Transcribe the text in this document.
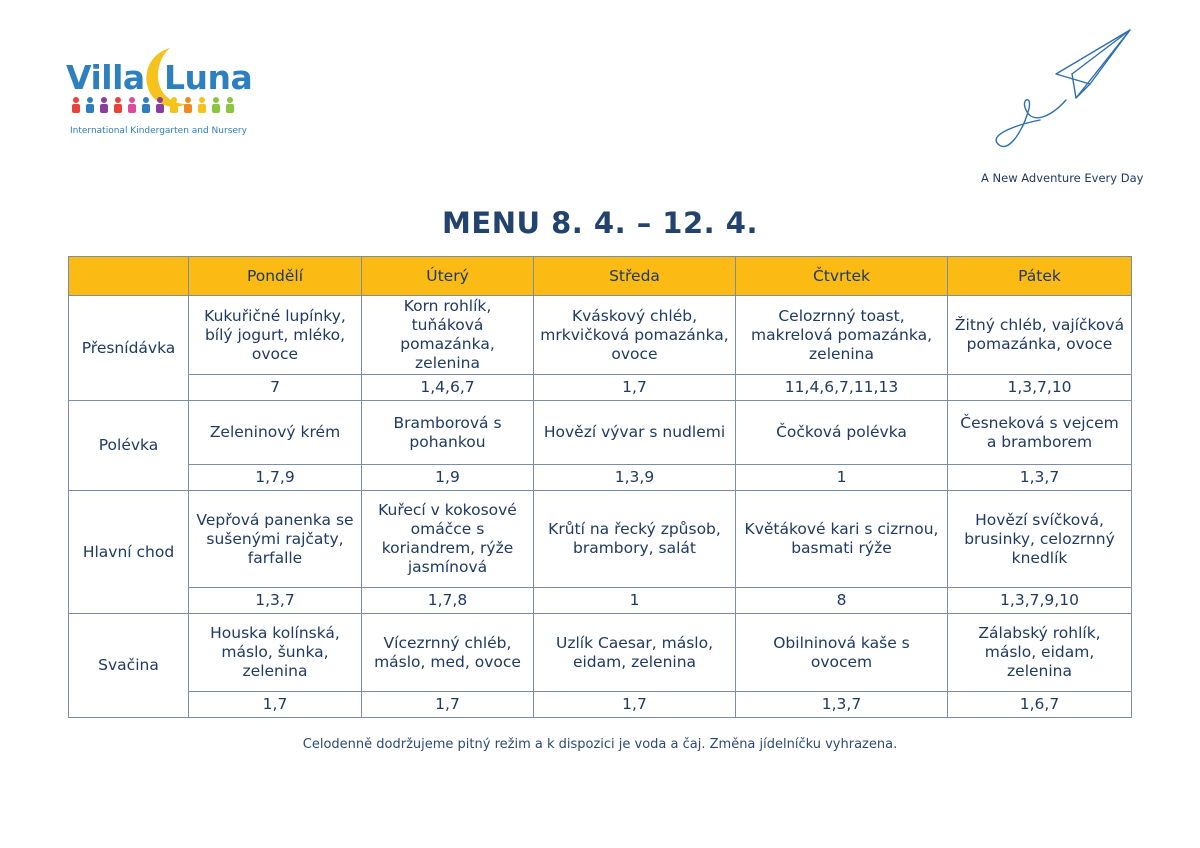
Villa Luna
International Kindergarten and Nursery
A New Adventure Every Day
MENU 8. 4. – 12. 4.
	Pondělí	Úterý	Středa	Čtvrtek	Pátek
Přesnídávka	Kukuřičné lupínky, bílý jogurt, mléko, ovoce	Korn rohlík, tuňáková pomazánka, zelenina	Kváskový chléb, mrkvičková pomazánka, ovoce	Celozrnný toast, makrelová pomazánka, zelenina	Žitný chléb, vajíčková pomazánka, ovoce
	7	1,4,6,7	1,7	11,4,6,7,11,13	1,3,7,10
Polévka	Zeleninový krém	Bramborová s pohankou	Hovězí vývar s nudlemi	Čočková polévka	Česneková s vejcem a bramborem
	1,7,9	1,9	1,3,9	1	1,3,7
Hlavní chod	Vepřová panenka se sušenými rajčaty, farfalle	Kuřecí v kokosové omáčce s koriandrem, rýže jasmínová	Krůtí na řecký způsob, brambory, salát	Květákové kari s cizrnou, basmati rýže	Hovězí svíčková, brusinky, celozrnný knedlík
	1,3,7	1,7,8	1	8	1,3,7,9,10
Svačina	Houska kolínská, máslo, šunka, zelenina	Vícezrnný chléb, máslo, med, ovoce	Uzlík Caesar, máslo, eidam, zelenina	Obilninová kaše s ovocem	Zálabský rohlík, máslo, eidam, zelenina
	1,7	1,7	1,7	1,3,7	1,6,7
Celodenně dodržujeme pitný režim a k dispozici je voda a čaj. Změna jídelníčku vyhrazena.
